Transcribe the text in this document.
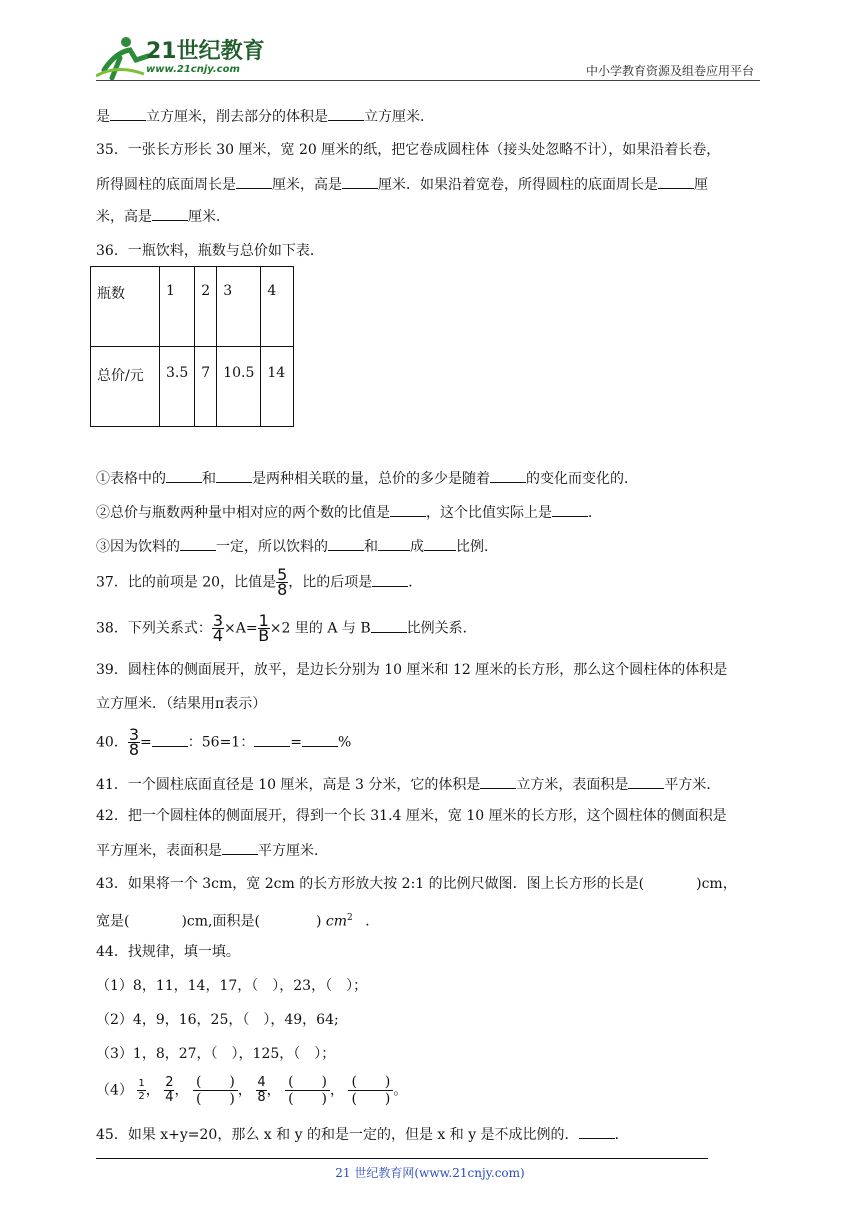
21世纪教育
www.21cnjy.com	中小学教育资源及组卷应用平台
是	立方厘米，削去部分的体积是	立方厘米．
35．一张长方形长 30 厘米，宽 20 厘米的纸，把它卷成圆柱体（接头处忽略不计），如果沿着长卷，
所得圆柱的底面周长是	厘米，高是	厘米．如果沿着宽卷，所得圆柱的底面周长是	厘
米，高是	厘米．
36．一瓶饮料，瓶数与总价如下表．
瓶数	1	2	3	4
总价/元	3.5	7	10.5	14
①表格中的	和	是两种相关联的量，总价的多少是随着	的变化而变化的．
②总价与瓶数两种量中相对应的两个数的比值是	，这个比值实际上是	．
③因为饮料的	一定，所以饮料的	和 成 比例．
37．比的前项是 20，比值是 $\frac{5}{8}$ ，比的后项是	．
38．下列关系式： $\frac{3}{4} \times A= \frac{1}{B} \times 2$ 里的 A 与 B	比例关系．
39．圆柱体的侧面展开，放平，是边长分别为 10 厘米和 12 厘米的长方形，那么这个圆柱体的体积是
立方厘米．（结果用π表示）
40． $\frac{3}{8}$ =	：56=1：	=	%
41．一个圆柱底面直径是 10 厘米，高是 3 分米，它的体积是	立方米，表面积是	平方米．
42．把一个圆柱体的侧面展开，得到一个长 31.4 厘米，宽 10 厘米的长方形，这个圆柱体的侧面积是
平方厘米，表面积是	平方厘米．
43．如果将一个 3cm，宽 2cm 的长方形放大按 2:1 的比例尺做图．图上长方形的长是(	)cm，
宽是(	)cm,面积是(	) $cm^2$ ．
44．找规律，填一填。
（1）8，11，14，17，（　），23，（　）；
（2）4，9，16，25，（　），49，64;
（3）1，8，27，（　），125，（　）；
$(4) \frac{1}{2}$ ， $\frac{2}{4}$ ，
(　　)
(　　)
， $\frac{4}{8}$ ，
(　　)
(　　)
，
(　　)
(　　)
。
45．如果 x+y=20，那么 x 和 y 的和是一定的，但是 x 和 y 是不成比例的．	．
21 世纪教育网(www.21cnjy.com)
